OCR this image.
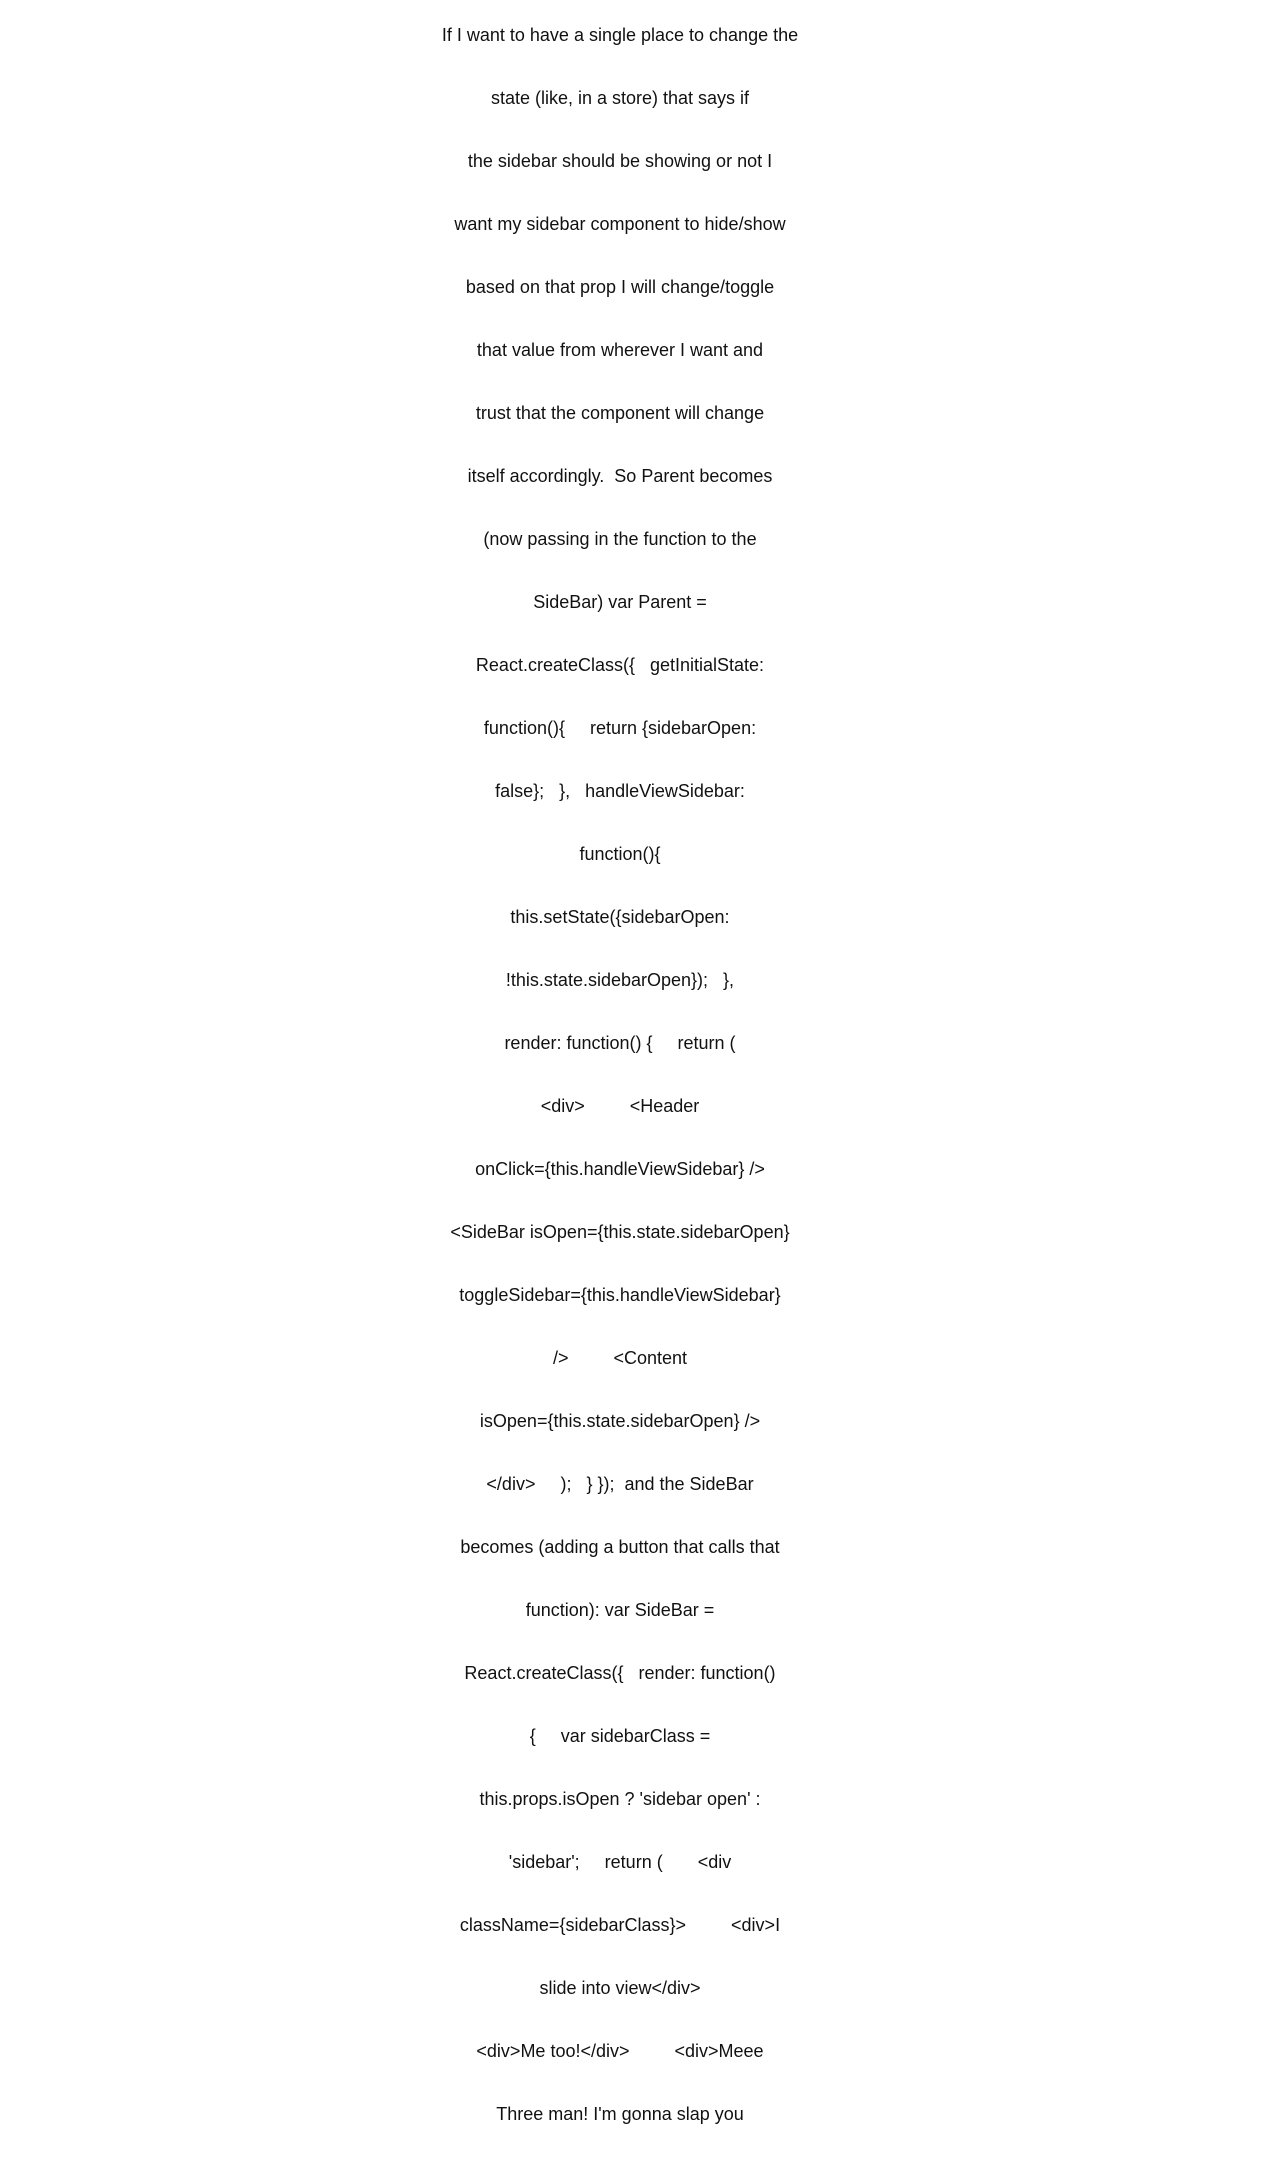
If I want to have a single place to change the

state (like, in a store) that says if

the sidebar should be showing or not I

want my sidebar component to hide/show

based on that prop I will change/toggle

that value from wherever I want and

trust that the component will change

itself accordingly.  So Parent becomes

(now passing in the function to the

SideBar) var Parent =

React.createClass({   getInitialState:

function(){     return {sidebarOpen:

false};   },   handleViewSidebar:

function(){

this.setState({sidebarOpen:

!this.state.sidebarOpen});   },

render: function() {     return (

<div>         <Header

onClick={this.handleViewSidebar} />

<SideBar isOpen={this.state.sidebarOpen}

toggleSidebar={this.handleViewSidebar}

/>         <Content

isOpen={this.state.sidebarOpen} />

</div>     );   } });  and the SideBar

becomes (adding a button that calls that

function): var SideBar =

React.createClass({   render: function()

{     var sidebarClass =

this.props.isOpen ? 'sidebar open' :

'sidebar';     return (       <div

className={sidebarClass}>         <div>I

slide into view</div>

<div>Me too!</div>         <div>Meee

Three man! I'm gonna slap you
